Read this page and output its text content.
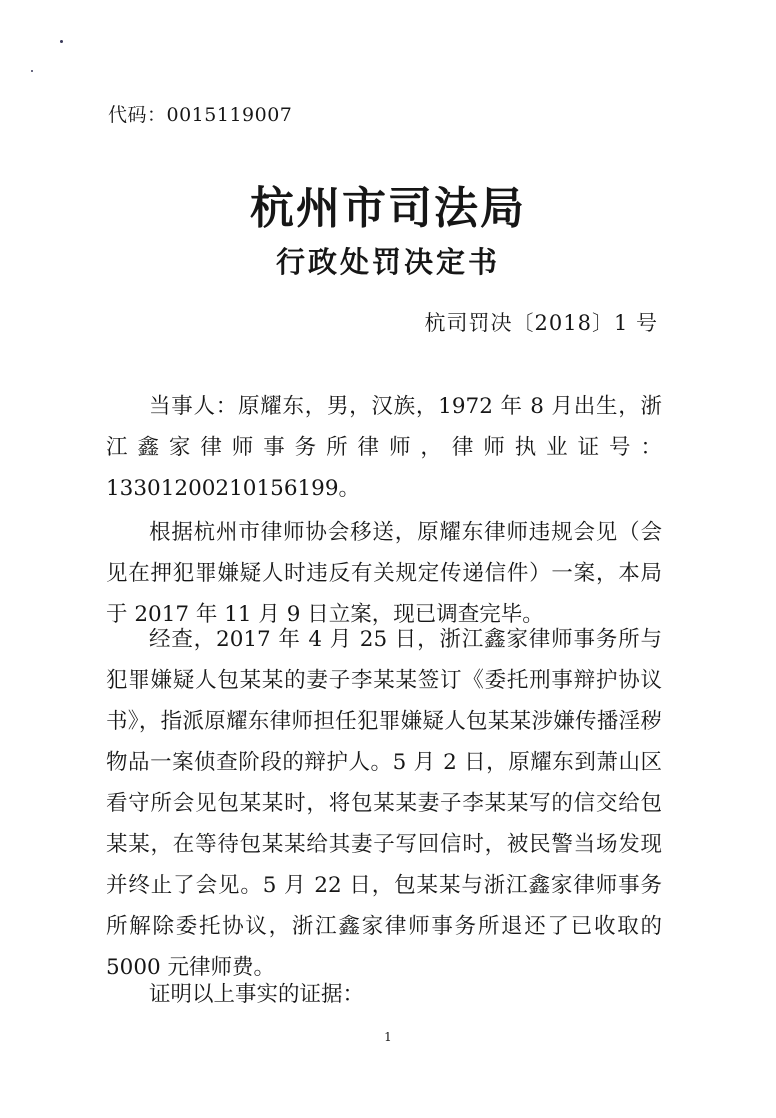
代码：0015119007
杭州市司法局
行政处罚决定书
杭司罚决〔2018〕1 号

当事人：原耀东，男，汉族，1972 年 8 月出生，浙江鑫家律师事务所律师，律师执业证号：13301200210156199。

根据杭州市律师协会移送，原耀东律师违规会见（会见在押犯罪嫌疑人时违反有关规定传递信件）一案，本局于 2017 年 11 月 9 日立案，现已调查完毕。

经查，2017 年 4 月 25 日，浙江鑫家律师事务所与犯罪嫌疑人包某某的妻子李某某签订《委托刑事辩护协议书》，指派原耀东律师担任犯罪嫌疑人包某某涉嫌传播淫秽物品一案侦查阶段的辩护人。5 月 2 日，原耀东到萧山区看守所会见包某某时，将包某某妻子李某某写的信交给包某某，在等待包某某给其妻子写回信时，被民警当场发现并终止了会见。5 月 22 日，包某某与浙江鑫家律师事务所解除委托协议，浙江鑫家律师事务所退还了已收取的 5000 元律师费。

证明以上事实的证据：

1
